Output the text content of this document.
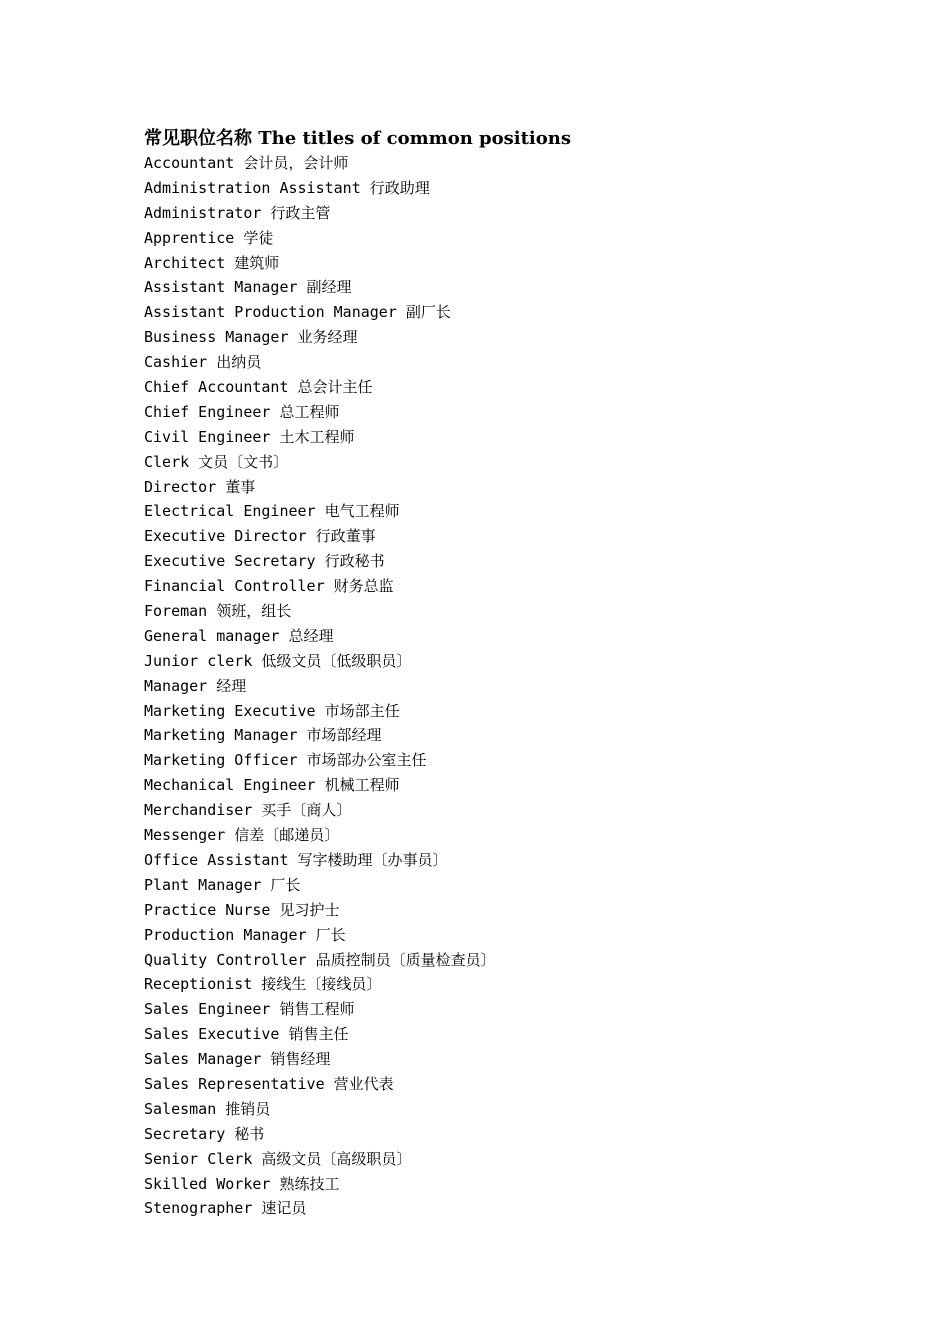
常见职位名称 The titles of common positions
Accountant 会计员，会计师
Administration Assistant 行政助理
Administrator 行政主管
Apprentice 学徒
Architect 建筑师
Assistant Manager 副经理
Assistant Production Manager 副厂长
Business Manager 业务经理
Cashier 出纳员
Chief Accountant 总会计主任
Chief Engineer 总工程师
Civil Engineer 土木工程师
Clerk 文员〔文书〕
Director 董事
Electrical Engineer 电气工程师
Executive Director 行政董事
Executive Secretary 行政秘书
Financial Controller 财务总监
Foreman 领班，组长
General manager 总经理
Junior clerk 低级文员〔低级职员〕
Manager 经理
Marketing Executive 市场部主任
Marketing Manager 市场部经理
Marketing Officer 市场部办公室主任
Mechanical Engineer 机械工程师
Merchandiser 买手〔商人〕
Messenger 信差〔邮递员〕
Office Assistant 写字楼助理〔办事员〕
Plant Manager 厂长
Practice Nurse 见习护士
Production Manager 厂长
Quality Controller 品质控制员〔质量检查员〕
Receptionist 接线生〔接线员〕
Sales Engineer 销售工程师
Sales Executive 销售主任
Sales Manager 销售经理
Sales Representative 营业代表
Salesman 推销员
Secretary 秘书
Senior Clerk 高级文员〔高级职员〕
Skilled Worker 熟练技工
Stenographer 速记员
